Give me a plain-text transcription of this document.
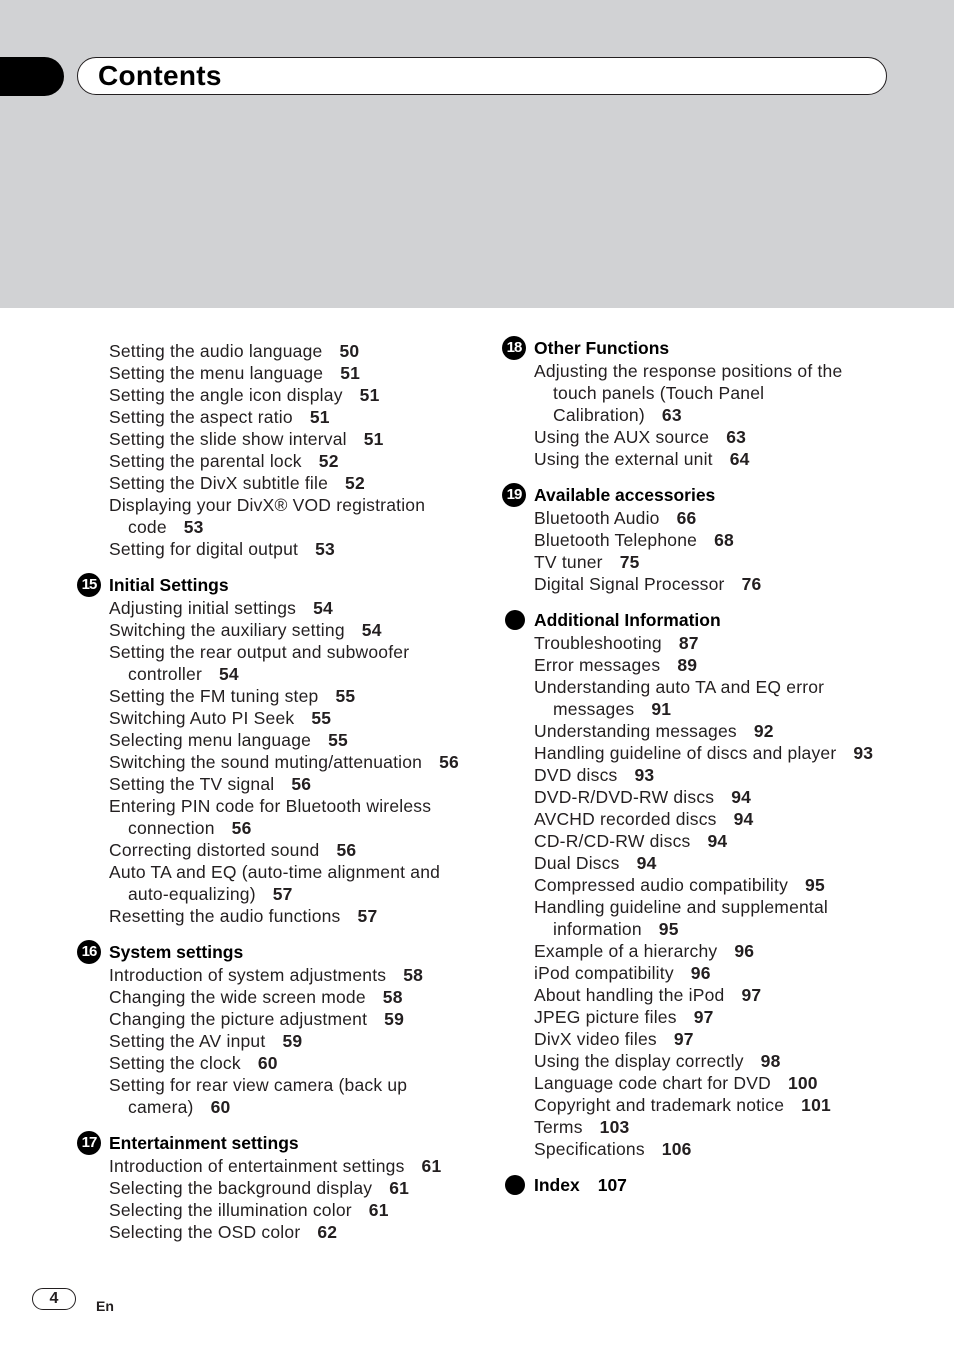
Contents
Setting the audio language 50
Setting the menu language 51
Setting the angle icon display 51
Setting the aspect ratio 51
Setting the slide show interval 51
Setting the parental lock 52
Setting the DivX subtitle file 52
Displaying your DivX® VOD registration
code 53
Setting for digital output 53
15 Initial Settings
Adjusting initial settings 54
Switching the auxiliary setting 54
Setting the rear output and subwoofer
controller 54
Setting the FM tuning step 55
Switching Auto PI Seek 55
Selecting menu language 55
Switching the sound muting/attenuation 56
Setting the TV signal 56
Entering PIN code for Bluetooth wireless
connection 56
Correcting distorted sound 56
Auto TA and EQ (auto-time alignment and
auto-equalizing) 57
Resetting the audio functions 57
16 System settings
Introduction of system adjustments 58
Changing the wide screen mode 58
Changing the picture adjustment 59
Setting the AV input 59
Setting the clock 60
Setting for rear view camera (back up
camera) 60
17 Entertainment settings
Introduction of entertainment settings 61
Selecting the background display 61
Selecting the illumination color 61
Selecting the OSD color 62
18 Other Functions
Adjusting the response positions of the
touch panels (Touch Panel
Calibration) 63
Using the AUX source 63
Using the external unit 64
19 Available accessories
Bluetooth Audio 66
Bluetooth Telephone 68
TV tuner 75
Digital Signal Processor 76
Additional Information
Troubleshooting 87
Error messages 89
Understanding auto TA and EQ error
messages 91
Understanding messages 92
Handling guideline of discs and player 93
DVD discs 93
DVD-R/DVD-RW discs 94
AVCHD recorded discs 94
CD-R/CD-RW discs 94
Dual Discs 94
Compressed audio compatibility 95
Handling guideline and supplemental
information 95
Example of a hierarchy 96
iPod compatibility 96
About handling the iPod 97
JPEG picture files 97
DivX video files 97
Using the display correctly 98
Language code chart for DVD 100
Copyright and trademark notice 101
Terms 103
Specifications 106
Index 107
4	En
